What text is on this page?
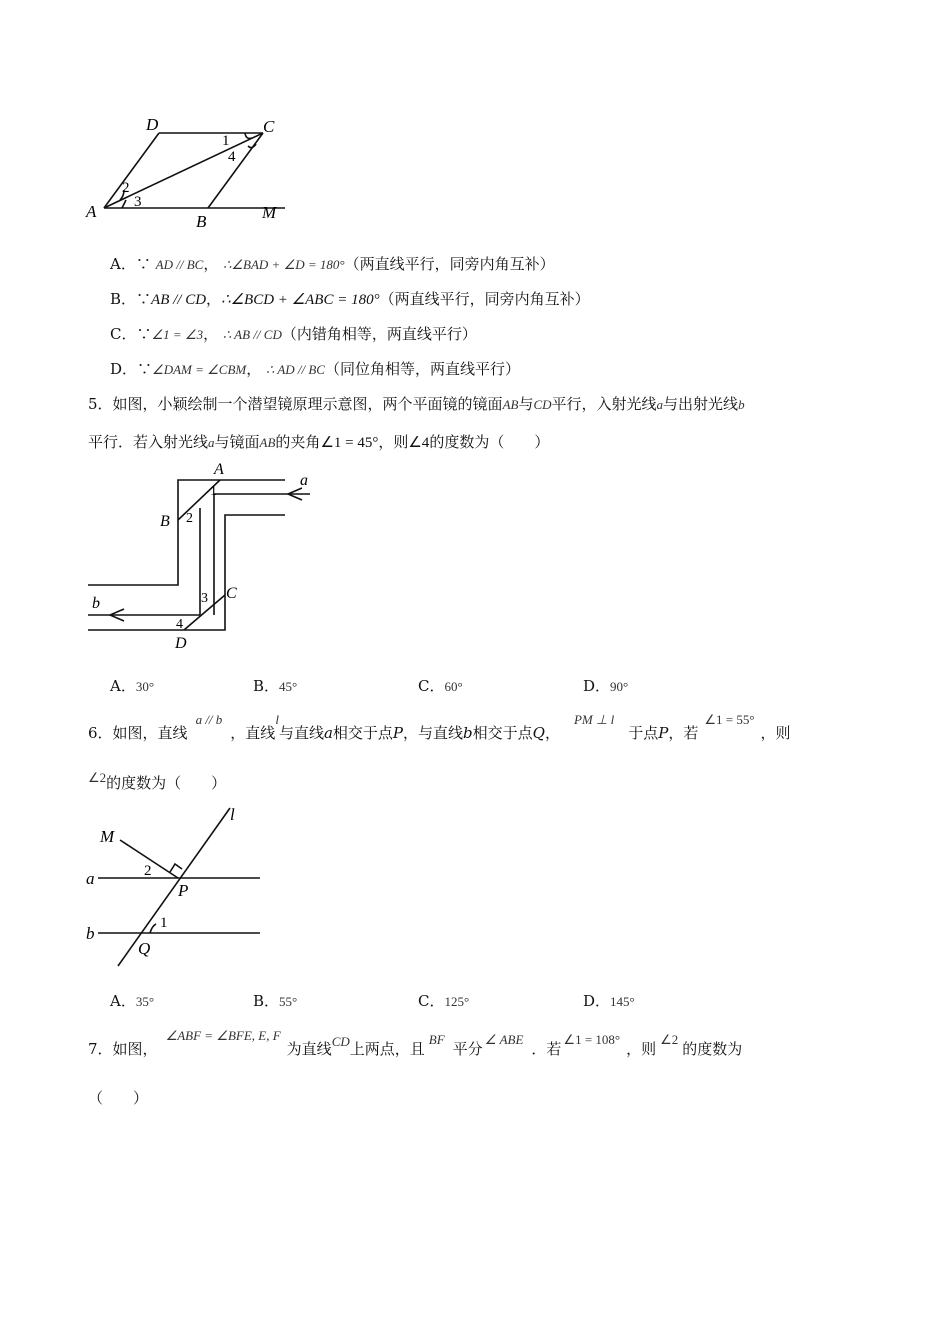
D	C
A
B	M
1
4
2
3
A．∵ AD // BC， ∴∠BAD + ∠D = 180°（两直线平行，同旁内角互补）
B．∵AB // CD，∴∠BCD + ∠ABC = 180°（两直线平行，同旁内角互补）
C．∵∠1 = ∠3， ∴ AB // CD（内错角相等，两直线平行）
D．∵∠DAM = ∠CBM， ∴ AD // BC（同位角相等，两直线平行）
5．如图，小颖绘制一个潜望镜原理示意图，两个平面镜的镜面AB与CD平行，入射光线a与出射光线b
平行．若入射光线a与镜面AB的夹角∠1 = 45°，则∠4的度数为（　　）
A
a
1
B 2
C
3
b
4
D
A．30°	B．45°	C．60°	D．90°
6．如图，直线a // b，直线l与直线a相交于点P，与直线b相交于点Q，PM ⊥ l于点P，若∠1 = 55°，则
∠2的度数为（　　）
l
M
2
a
P
1
b
Q
A．35°	B．55°	C．125°	D．145°
7．如图，∠ABF = ∠BFE, E, F为直线CD上两点，且BF平分∠ ABE．若∠1 = 108°，则∠2的度数为
（　　）
